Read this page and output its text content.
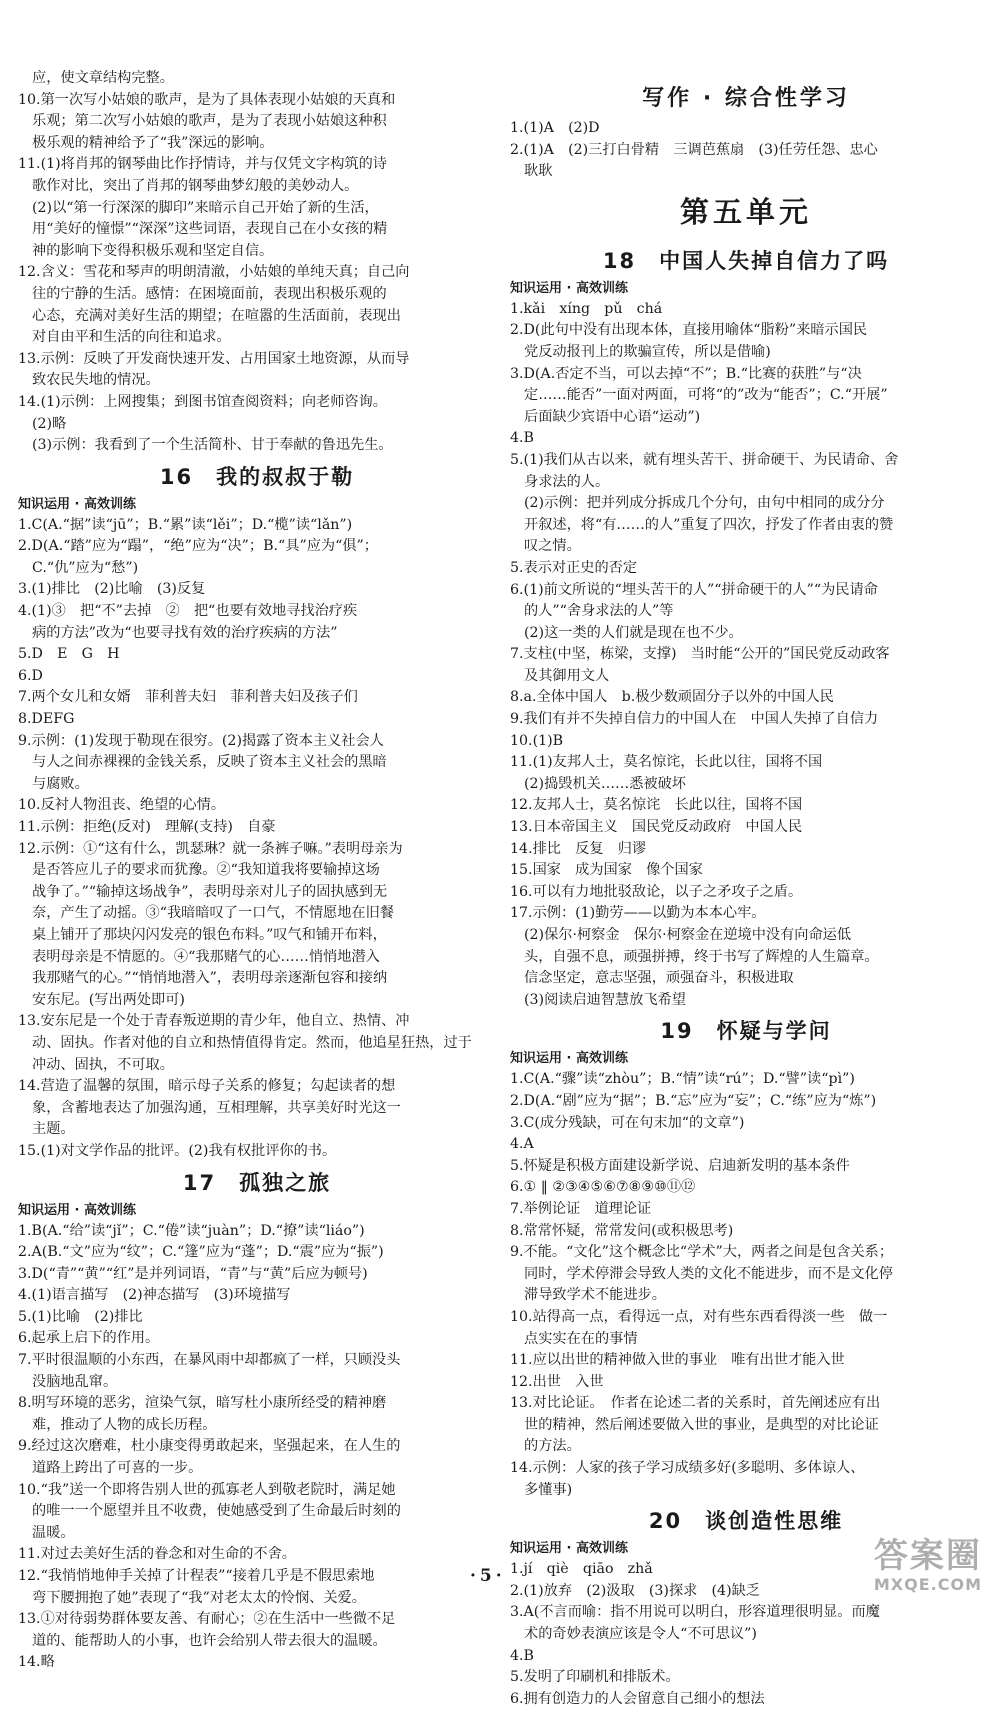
应，使文章结构完整。
10.第一次写小姑娘的歌声，是为了具体表现小姑娘的天真和
乐观；第二次写小姑娘的歌声，是为了表现小姑娘这种积
极乐观的精神给予了“我”深远的影响。
11.(1)将肖邦的钢琴曲比作抒情诗，并与仅凭文字构筑的诗
歌作对比，突出了肖邦的钢琴曲梦幻般的美妙动人。
(2)以“第一行深深的脚印”来暗示自己开始了新的生活，
用“美好的憧憬”“深深”这些词语，表现自己在小女孩的精
神的影响下变得积极乐观和坚定自信。
12.含义：雪花和琴声的明朗清澈，小姑娘的单纯天真；自己向
往的宁静的生活。感情：在困境面前，表现出积极乐观的
心态，充满对美好生活的期望；在喧嚣的生活面前，表现出
对自由平和生活的向往和追求。
13.示例：反映了开发商快速开发、占用国家土地资源，从而导
致农民失地的情况。
14.(1)示例：上网搜集；到图书馆查阅资料；向老师咨询。
(2)略
(3)示例：我看到了一个生活简朴、甘于奉献的鲁迅先生。
16　我的叔叔于勒
知识运用 · 高效训练
1.C(A.“据”读“jū”；B.“累”读“lěi”；D.“榄”读“lǎn”)
2.D(A.“踏”应为“蹋”，“绝”应为“决”；B.“具”应为“俱”；
C.“仇”应为“愁”)
3.(1)排比　(2)比喻　(3)反复
4.(1)③　把“不”去掉　②　把“也要有效地寻找治疗疾
病的方法”改为“也要寻找有效的治疗疾病的方法”
5.D　E　G　H
6.D
7.两个女儿和女婿　菲利普夫妇　菲利普夫妇及孩子们
8.DEFG
9.示例：(1)发现于勒现在很穷。(2)揭露了资本主义社会人
与人之间赤裸裸的金钱关系，反映了资本主义社会的黑暗
与腐败。
10.反衬人物沮丧、绝望的心情。
11.示例：拒绝(反对)　理解(支持)　自豪
12.示例：①“这有什么，凯瑟琳？就一条裤子嘛。”表明母亲为
是否答应儿子的要求而犹豫。②“我知道我将要输掉这场
战争了。”“输掉这场战争”，表明母亲对儿子的固执感到无
奈，产生了动摇。③“我暗暗叹了一口气，不情愿地在旧餐
桌上铺开了那块闪闪发亮的银色布料。”叹气和铺开布料，
表明母亲是不情愿的。④“我那赌气的心……悄悄地潜入
我那赌气的心。”“悄悄地潜入”，表明母亲逐渐包容和接纳
安东尼。(写出两处即可)
13.安东尼是一个处于青春叛逆期的青少年，他自立、热情、冲
动、固执。作者对他的自立和热情值得肯定。然而，他追星狂热，过于
冲动、固执，不可取。
14.营造了温馨的氛围，暗示母子关系的修复；勾起读者的想
象，含蓄地表达了加强沟通，互相理解，共享美好时光这一
主题。
15.(1)对文学作品的批评。(2)我有权批评你的书。
17　孤独之旅
知识运用 · 高效训练
1.B(A.“给”读“jǐ”；C.“倦”读“juàn”；D.“撩”读“liáo”)
2.A(B.“文”应为“纹”；C.“篷”应为“蓬”；D.“震”应为“振”)
3.D(“青”“黄”“红”是并列词语，“青”与“黄”后应为顿号)
4.(1)语言描写　(2)神态描写　(3)环境描写
5.(1)比喻　(2)排比
6.起承上启下的作用。
7.平时很温顺的小东西，在暴风雨中却都疯了一样，只顾没头
没脑地乱窜。
8.明写环境的恶劣，渲染气氛，暗写杜小康所经受的精神磨
难，推动了人物的成长历程。
9.经过这次磨难，杜小康变得勇敢起来，坚强起来，在人生的
道路上跨出了可喜的一步。
10.“我”送一个即将告别人世的孤寡老人到敬老院时，满足她
的唯一一个愿望并且不收费，使她感受到了生命最后时刻的
温暖。
11.对过去美好生活的眷念和对生命的不舍。
12.“我悄悄地伸手关掉了计程表”“接着几乎是不假思索地
弯下腰拥抱了她”表现了“我”对老太太的怜悯、关爱。
13.①对待弱势群体要友善、有耐心；②在生活中一些微不足
道的、能帮助人的小事，也许会给别人带去很大的温暖。
14.略
写作 · 综合性学习
1.(1)A　(2)D
2.(1)A　(2)三打白骨精　三调芭蕉扇　(3)任劳任怨、忠心
耿耿
第五单元
18　中国人失掉自信力了吗
知识运用 · 高效训练
1.kǎi　xíng　pǔ　chá
2.D(此句中没有出现本体，直接用喻体“脂粉”来暗示国民
党反动报刊上的欺骗宣传，所以是借喻)
3.D(A.否定不当，可以去掉“不”；B.“比赛的获胜”与“决
定……能否”一面对两面，可将“的”改为“能否”；C.“开展”
后面缺少宾语中心语“运动”)
4.B
5.(1)我们从古以来，就有埋头苦干、拼命硬干、为民请命、舍
身求法的人。
(2)示例：把并列成分拆成几个分句，由句中相同的成分分
开叙述，将“有……的人”重复了四次，抒发了作者由衷的赞
叹之情。
5.表示对正史的否定
6.(1)前文所说的“埋头苦干的人”“拼命硬干的人”“为民请命
的人”“舍身求法的人”等
(2)这一类的人们就是现在也不少。
7.支柱(中坚，栋梁，支撑)　当时能“公开的”国民党反动政客
及其御用文人
8.a.全体中国人　b.极少数顽固分子以外的中国人民
9.我们有并不失掉自信力的中国人在　中国人失掉了自信力
10.(1)B
11.(1)友邦人士，莫名惊诧，长此以往，国将不国
(2)捣毁机关……悉被破坏
12.友邦人士，莫名惊诧　长此以往，国将不国
13.日本帝国主义　国民党反动政府　中国人民
14.排比　反复　归谬
15.国家　成为国家　像个国家
16.可以有力地批驳敌论，以子之矛攻子之盾。
17.示例：(1)勤劳——以勤为本本心牢。
(2)保尔·柯察金　保尔·柯察金在逆境中没有向命运低
头，自强不息，顽强拼搏，终于书写了辉煌的人生篇章。
信念坚定，意志坚强，顽强奋斗，积极进取
(3)阅读启迪智慧放飞希望
19　怀疑与学问
知识运用 · 高效训练
1.C(A.“骤”读“zhòu”；B.“情”读“rú”；D.“譬”读“pì”)
2.D(A.“剧”应为“据”；B.“忘”应为“妄”；C.“练”应为“炼”)
3.C(成分残缺，可在句末加“的文章”)
4.A
5.怀疑是积极方面建设新学说、启迪新发明的基本条件
6.① ‖ ②③④⑤⑥⑦⑧⑨⑩⑪⑫
7.举例论证　道理论证
8.常常怀疑，常常发问(或积极思考)
9.不能。“文化”这个概念比“学术”大，两者之间是包含关系；
同时，学术停滞会导致人类的文化不能进步，而不是文化停
滞导致学术不能进步。
10.站得高一点，看得远一点，对有些东西看得淡一些　做一
点实实在在的事情
11.应以出世的精神做入世的事业　唯有出世才能入世
12.出世　入世
13.对比论证。　作者在论述二者的关系时，首先阐述应有出
世的精神，然后阐述要做入世的事业，是典型的对比论证
的方法。
14.示例：人家的孩子学习成绩多好(多聪明、多体谅人、
多懂事)
20　谈创造性思维
知识运用 · 高效训练
1.jí　qiè　qiāo　zhǎ
2.(1)放弃　(2)汲取　(3)探求　(4)缺乏
3.A(不言而喻：指不用说可以明白，形容道理很明显。而魔
术的奇妙表演应该是令人“不可思议”)
4.B
5.发明了印刷机和排版术。
6.拥有创造力的人会留意自己细小的想法
·5·	答案圈
MXQE.COM
